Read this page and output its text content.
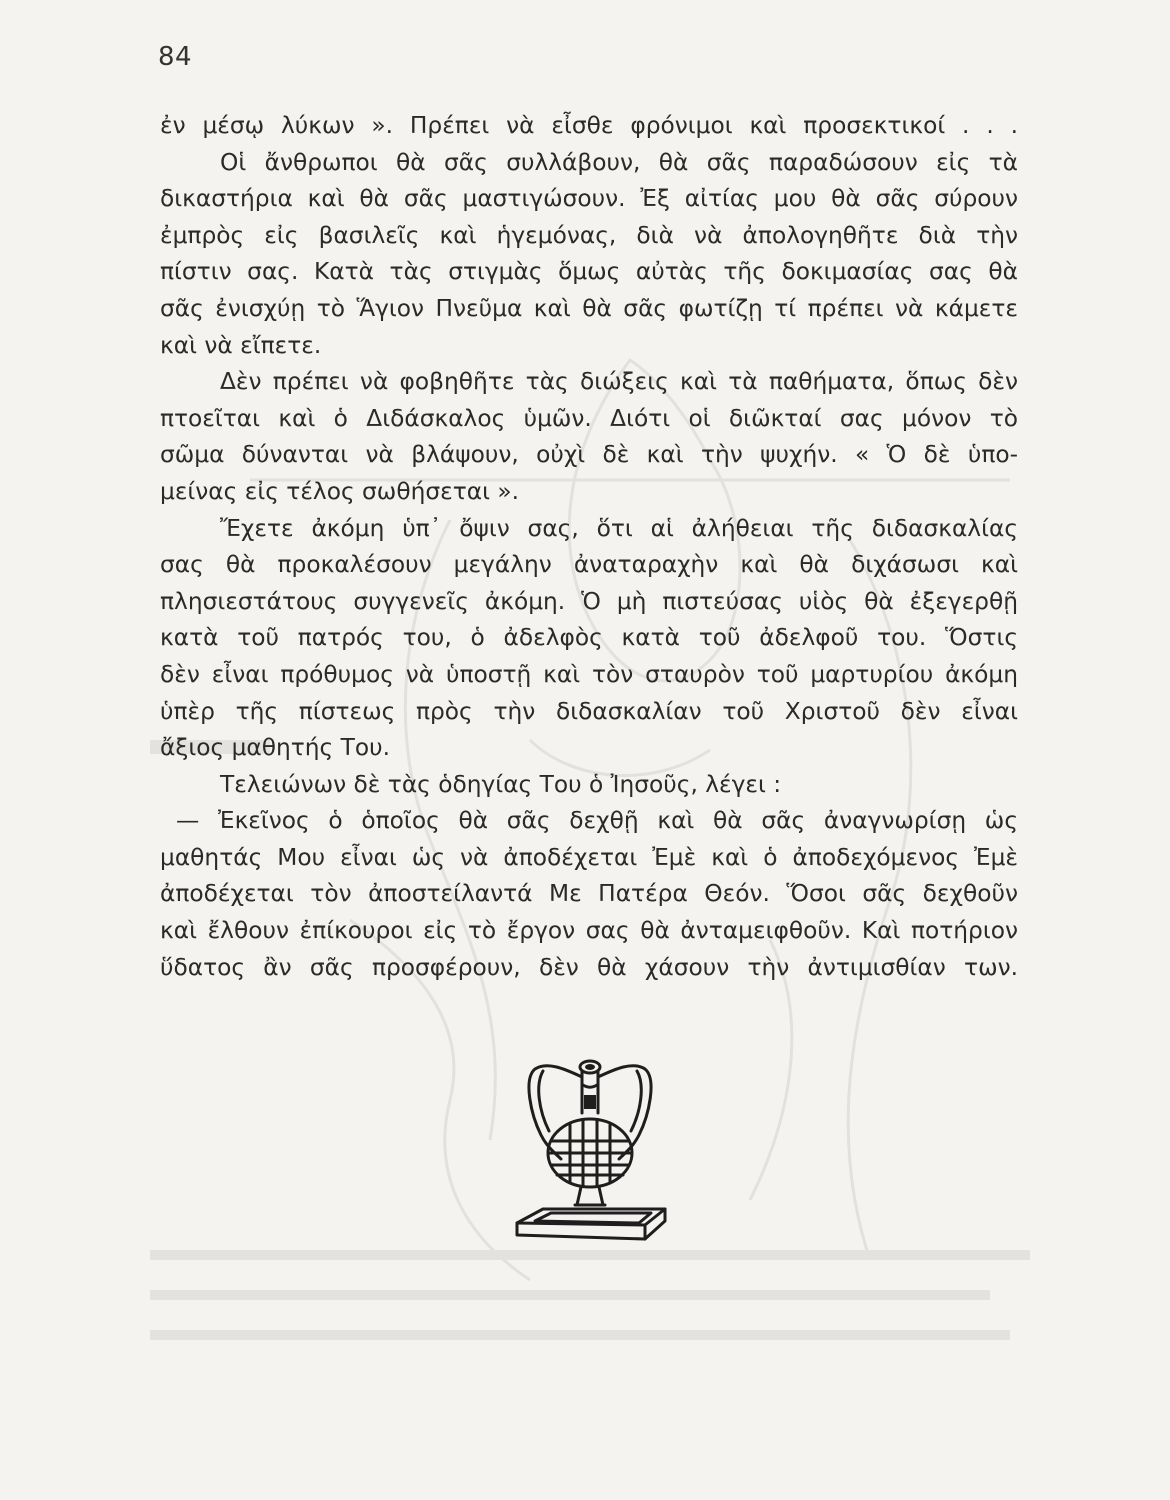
84
ἐν μέσῳ λύκων ». Πρέπει νὰ εἶσθε φρόνιμοι καὶ προσεκτικοί . . .
Οἱ ἄνθρωποι θὰ σᾶς συλλάβουν, θὰ σᾶς παραδώσουν εἰς τὰ
δικαστήρια καὶ θὰ σᾶς μαστιγώσουν. Ἐξ αἰτίας μου θὰ σᾶς σύρουν
ἐμπρὸς εἰς βασιλεῖς καὶ ἡγεμόνας, διὰ νὰ ἀπολογηθῆτε διὰ τὴν
πίστιν σας. Κατὰ τὰς στιγμὰς ὅμως αὐτὰς τῆς δοκιμασίας σας θὰ
σᾶς ἐνισχύῃ τὸ Ἅγιον Πνεῦμα καὶ θὰ σᾶς φωτίζῃ τί πρέπει νὰ κάμετε
καὶ νὰ εἴπετε.
Δὲν πρέπει νὰ φοβηθῆτε τὰς διώξεις καὶ τὰ παθήματα, ὅπως δὲν
πτοεῖται καὶ ὁ Διδάσκαλος ὑμῶν. Διότι οἱ διῶκταί σας μόνον τὸ
σῶμα δύνανται νὰ βλάψουν, οὐχὶ δὲ καὶ τὴν ψυχήν. « Ὁ δὲ ὑπο-
μείνας εἰς τέλος σωθήσεται ».
Ἔχετε ἀκόμη ὑπ᾿ ὄψιν σας, ὅτι αἱ ἀλήθειαι τῆς διδασκαλίας
σας θὰ προκαλέσουν μεγάλην ἀναταραχὴν καὶ θὰ διχάσωσι καὶ
πλησιεστάτους συγγενεῖς ἀκόμη. Ὁ μὴ πιστεύσας υἱὸς θὰ ἐξεγερθῇ
κατὰ τοῦ πατρός του, ὁ ἀδελφὸς κατὰ τοῦ ἀδελφοῦ του. Ὅστις
δὲν εἶναι πρόθυμος νὰ ὑποστῇ καὶ τὸν σταυρὸν τοῦ μαρτυρίου ἀκόμη
ὑπὲρ τῆς πίστεως πρὸς τὴν διδασκαλίαν τοῦ Χριστοῦ δὲν εἶναι
ἄξιος μαθητής Του.
Τελειώνων δὲ τὰς ὁδηγίας Του ὁ Ἰησοῦς, λέγει :
— Ἐκεῖνος ὁ ὁποῖος θὰ σᾶς δεχθῇ καὶ θὰ σᾶς ἀναγνωρίσῃ ὡς
μαθητάς Μου εἶναι ὡς νὰ ἀποδέχεται Ἐμὲ καὶ ὁ ἀποδεχόμενος Ἐμὲ
ἀποδέχεται τὸν ἀποστείλαντά Με Πατέρα Θεόν. Ὅσοι σᾶς δεχθοῦν
καὶ ἔλθουν ἐπίκουροι εἰς τὸ ἔργον σας θὰ ἀνταμειφθοῦν. Καὶ ποτήριον
ὕδατος ἂν σᾶς προσφέρουν, δὲν θὰ χάσουν τὴν ἀντιμισθίαν των.
